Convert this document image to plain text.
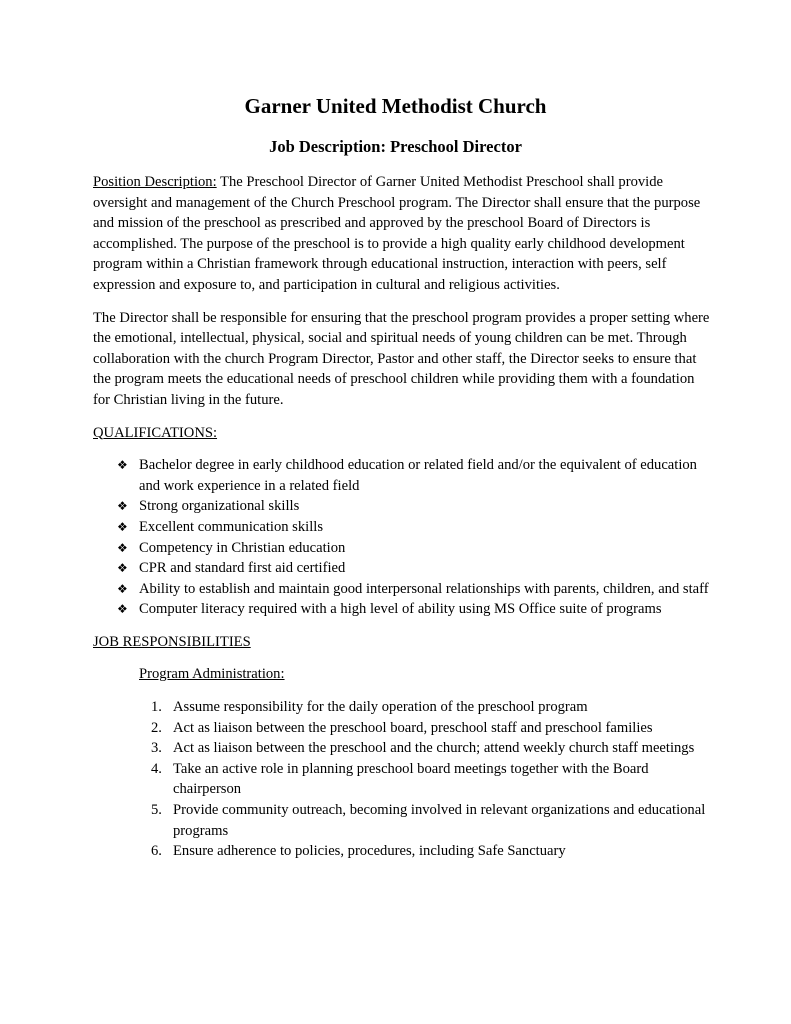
Garner United Methodist Church
Job Description: Preschool Director

Position Description: The Preschool Director of Garner United Methodist Preschool shall provide oversight and management of the Church Preschool program. The Director shall ensure that the purpose and mission of the preschool as prescribed and approved by the preschool Board of Directors is accomplished. The purpose of the preschool is to provide a high quality early childhood development program within a Christian framework through educational instruction, interaction with peers, self expression and exposure to, and participation in cultural and religious activities.

The Director shall be responsible for ensuring that the preschool program provides a proper setting where the emotional, intellectual, physical, social and spiritual needs of young children can be met. Through collaboration with the church Program Director, Pastor and other staff, the Director seeks to ensure that the program meets the educational needs of preschool children while providing them with a foundation for Christian living in the future.

QUALIFICATIONS:

❖ Bachelor degree in early childhood education or related field and/or the equivalent of education and work experience in a related field
❖ Strong organizational skills
❖ Excellent communication skills
❖ Competency in Christian education
❖ CPR and standard first aid certified
❖ Ability to establish and maintain good interpersonal relationships with parents, children, and staff
❖ Computer literacy required with a high level of ability using MS Office suite of programs

JOB RESPONSIBILITIES

Program Administration:

1. Assume responsibility for the daily operation of the preschool program
2. Act as liaison between the preschool board, preschool staff and preschool families
3. Act as liaison between the preschool and the church; attend weekly church staff meetings
4. Take an active role in planning preschool board meetings together with the Board chairperson
5. Provide community outreach, becoming involved in relevant organizations and educational programs
6. Ensure adherence to policies, procedures, including Safe Sanctuary
